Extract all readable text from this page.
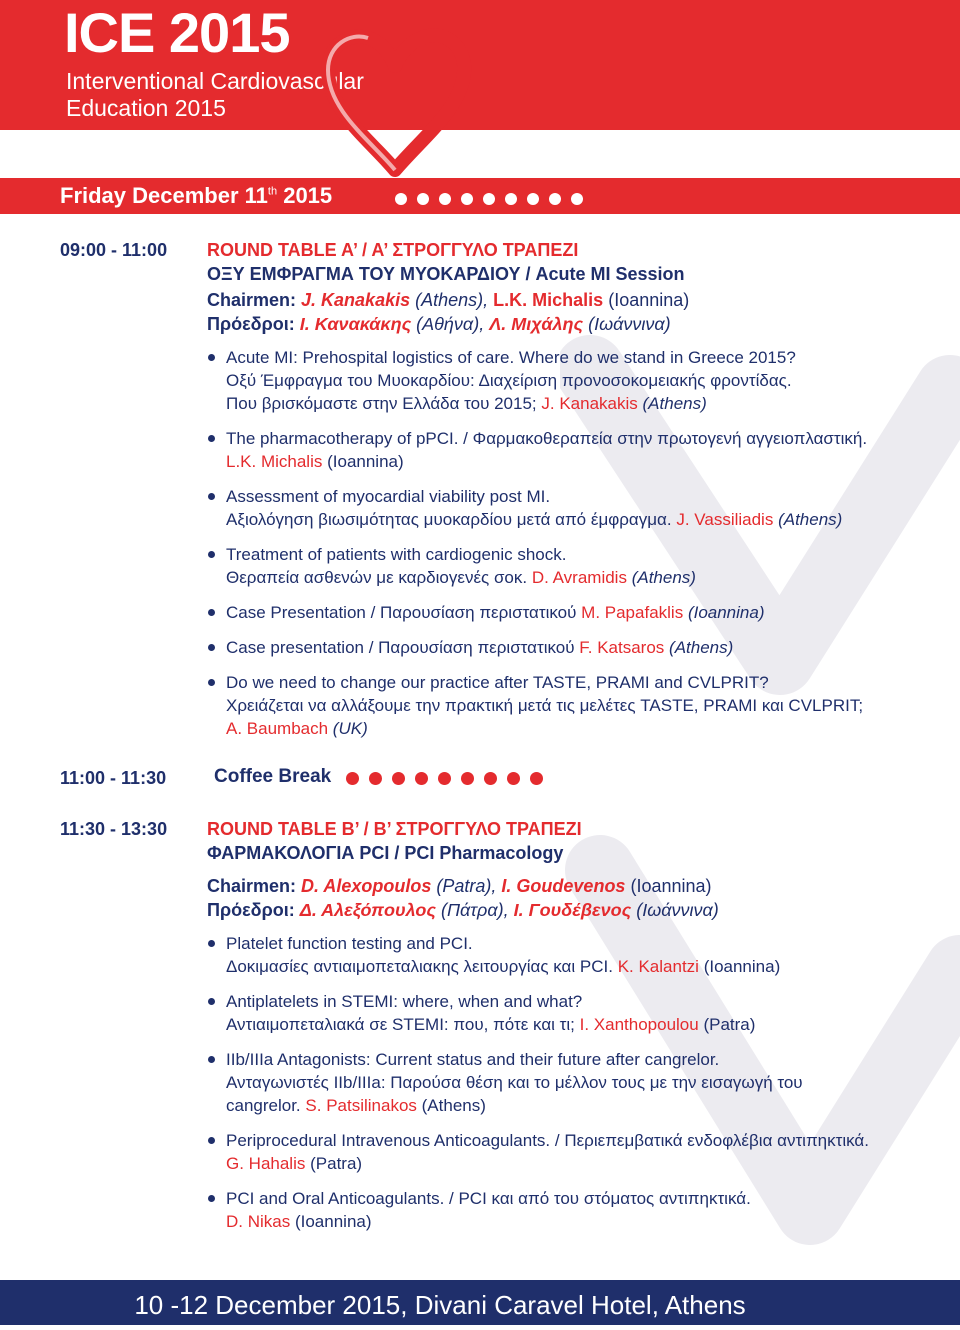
ICE 2015
Interventional Cardiovascular Education 2015
Friday December 11th 2015
09:00 - 11:00 ROUND TABLE A’ / A’ ΣΤΡΟΓΓΥΛΟ ΤΡΑΠΕΖΙ
ΟΞΥ ΕΜΦΡΑΓΜΑ ΤΟΥ ΜΥΟΚΑΡΔΙΟΥ / Acute MI Session
Chairmen: J. Kanakakis (Athens), L.K. Michalis (Ioannina)
Πρόεδροι: Ι. Κανακάκης (Αθήνα), Λ. Μιχάλης (Ιωάννινα)
Acute MI: Prehospital logistics of care. Where do we stand in Greece 2015?
Οξύ Έμφραγμα του Μυοκαρδίου: Διαχείριση προνοσοκομειακής φροντίδας.
Που βρισκόμαστε στην Ελλάδα του 2015; J. Kanakakis (Athens)
The pharmacotherapy of pPCI. / Φαρμακοθεραπεία στην πρωτογενή αγγειοπλαστική.
L.K. Michalis (Ioannina)
Assessment of myocardial viability post MI.
Αξιολόγηση βιωσιμότητας μυοκαρδίου μετά από έμφραγμα. J. Vassiliadis (Athens)
Treatment of patients with cardiogenic shock.
Θεραπεία ασθενών με καρδιογενές σοκ. D. Avramidis (Athens)
Case Presentation / Παρουσίαση περιστατικού M. Papafaklis (Ioannina)
Case presentation / Παρουσίαση περιστατικού F. Katsaros (Athens)
Do we need to change our practice after TASTE, PRAMI and CVLPRIT?
Χρειάζεται να αλλάξουμε την πρακτική μετά τις μελέτες TASTE, PRAMI και CVLPRIT;
A. Baumbach (UK)
11:00 - 11:30	Coffee Break
11:30 - 13:30 ROUND TABLE B’ / B’ ΣΤΡΟΓΓΥΛΟ ΤΡΑΠΕΖΙ
ΦΑΡΜΑΚΟΛΟΓΙΑ PCI / PCI Pharmacology
Chairmen: D. Alexopoulos (Patra), I. Goudevenos (Ioannina)
Πρόεδροι: Δ. Αλεξόπουλος (Πάτρα), Ι. Γουδέβενος (Ιωάννινα)
Platelet function testing and PCI.
Δοκιμασίες αντιαιμοπεταλιακης λειτουργίας και PCI. K. Kalantzi (Ioannina)
Antiplatelets in STEMI: where, when and what?
Αντιαιμοπεταλιακά σε STEMI: που, πότε και τι; I. Xanthopoulou (Patra)
IIb/IIIa Antagonists: Current status and their future after cangrelor.
Ανταγωνιστές IIb/IIIa: Παρούσα θέση και το μέλλον τους με την εισαγωγή του
cangrelor. S. Patsilinakos (Athens)
Periprocedural Intravenous Anticoagulants. / Περιεπεμβατικά ενδοφλέβια αντιπηκτικά.
G. Hahalis (Patra)
PCI and Oral Anticoagulants. / PCI και από του στόματος αντιπηκτικά.
D. Nikas (Ioannina)
10 -12 December 2015, Divani Caravel Hotel, Athens
